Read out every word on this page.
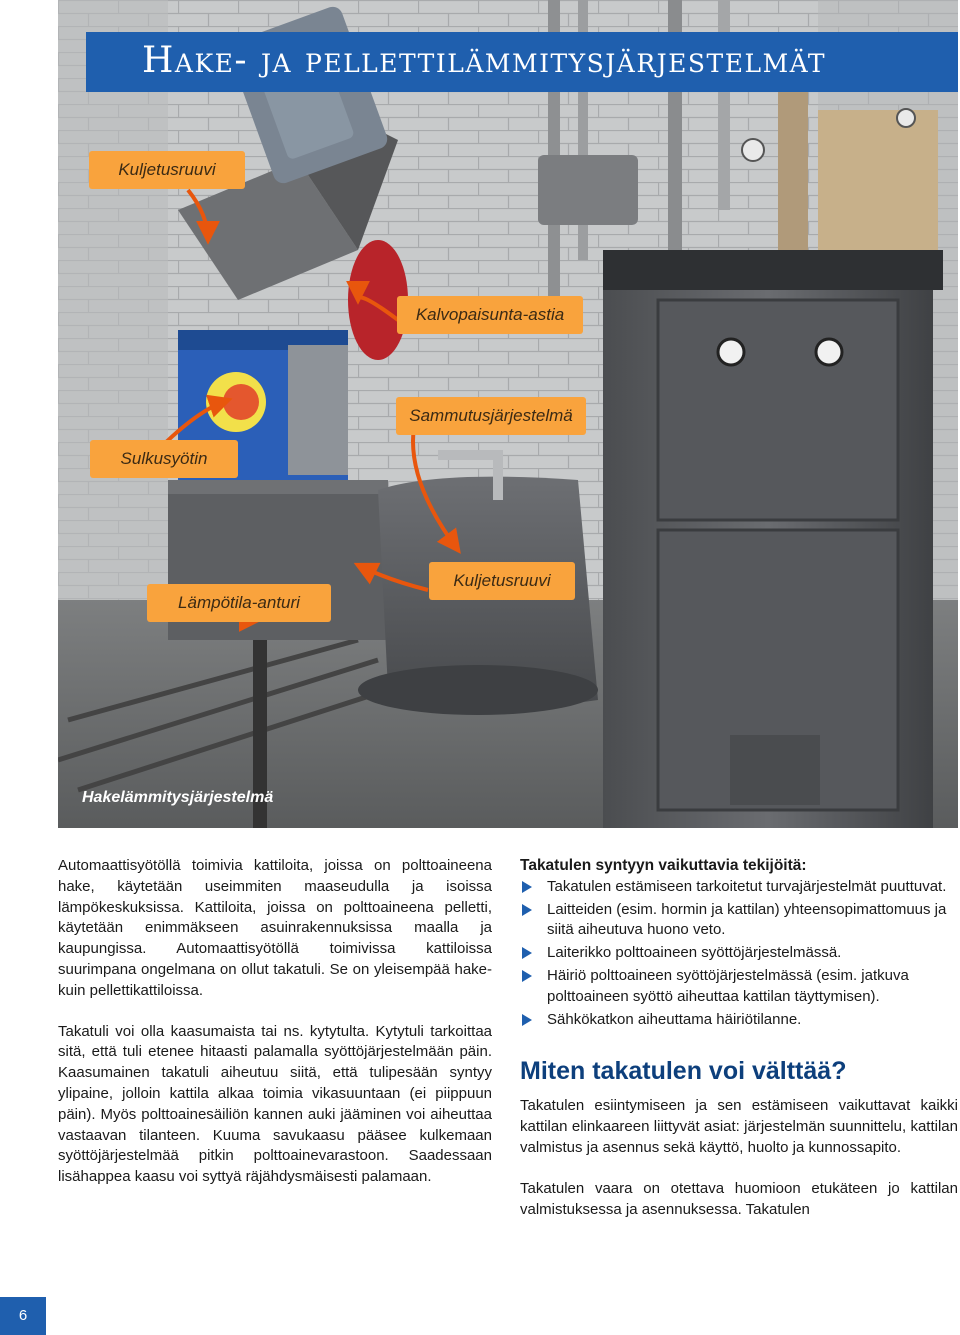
Kuljetusruuvi
Kalvopaisunta-astia
Sammutusjärjestelmä
Sulkusyötin
Lämpötila-anturi
Kuljetusruuvi
Hake- ja pellettilämmitysjärjestelmät
Hakelämmitysjärjestelmä

Automaattisyötöllä toimivia kattiloita, joissa on polttoaineena hake, käytetään useimmiten maaseudulla ja isoissa lämpökeskuksissa. Kattiloita, joissa on polttoaineena pelletti, käytetään enimmäkseen asuinrakennuksissa maalla ja kaupungissa. Automaattisyötöllä toimivissa kattiloissa suurimpana ongelmana on ollut takatuli. Se on yleisempää hake- kuin pellettikattiloissa.

Takatuli voi olla kaasumaista tai ns. kytytulta. Kytytuli tarkoittaa sitä, että tuli etenee hitaasti palamalla syöttöjärjestelmään päin. Kaasumainen takatuli aiheutuu siitä, että tulipesään syntyy ylipaine, jolloin kattila alkaa toimia vikasuuntaan (ei piippuun päin). Myös polttoainesäiliön kannen auki jääminen voi aiheuttaa vastaavan tilanteen. Kuuma savukaasu pääsee kulkemaan syöttöjärjestelmää pitkin polttoainevarastoon. Saadessaan lisähappea kaasu voi syttyä räjähdysmäisesti palamaan.

Takatulen syntyyn vaikuttavia tekijöitä:

Takatulen estämiseen tarkoitetut turvajärjestelmät puuttuvat.
Laitteiden (esim. hormin ja kattilan) yhteensopimattomuus ja siitä aiheutuva huono veto.
Laiterikko polttoaineen syöttöjärjestelmässä.
Häiriö polttoaineen syöttöjärjestelmässä (esim. jatkuva polttoaineen syöttö aiheuttaa kattilan täyttymisen).
Sähkökatkon aiheuttama häiriötilanne.
Miten takatulen voi välttää?

Takatulen esiintymiseen ja sen estämiseen vaikuttavat kaikki kattilan elinkaareen liittyvät asiat: järjestelmän suunnittelu, kattilan valmistus ja asennus sekä käyttö, huolto ja kunnossapito.

Takatulen vaara on otettava huomioon etukäteen jo kattilan valmistuksessa ja asennuksessa. Takatulen

6
